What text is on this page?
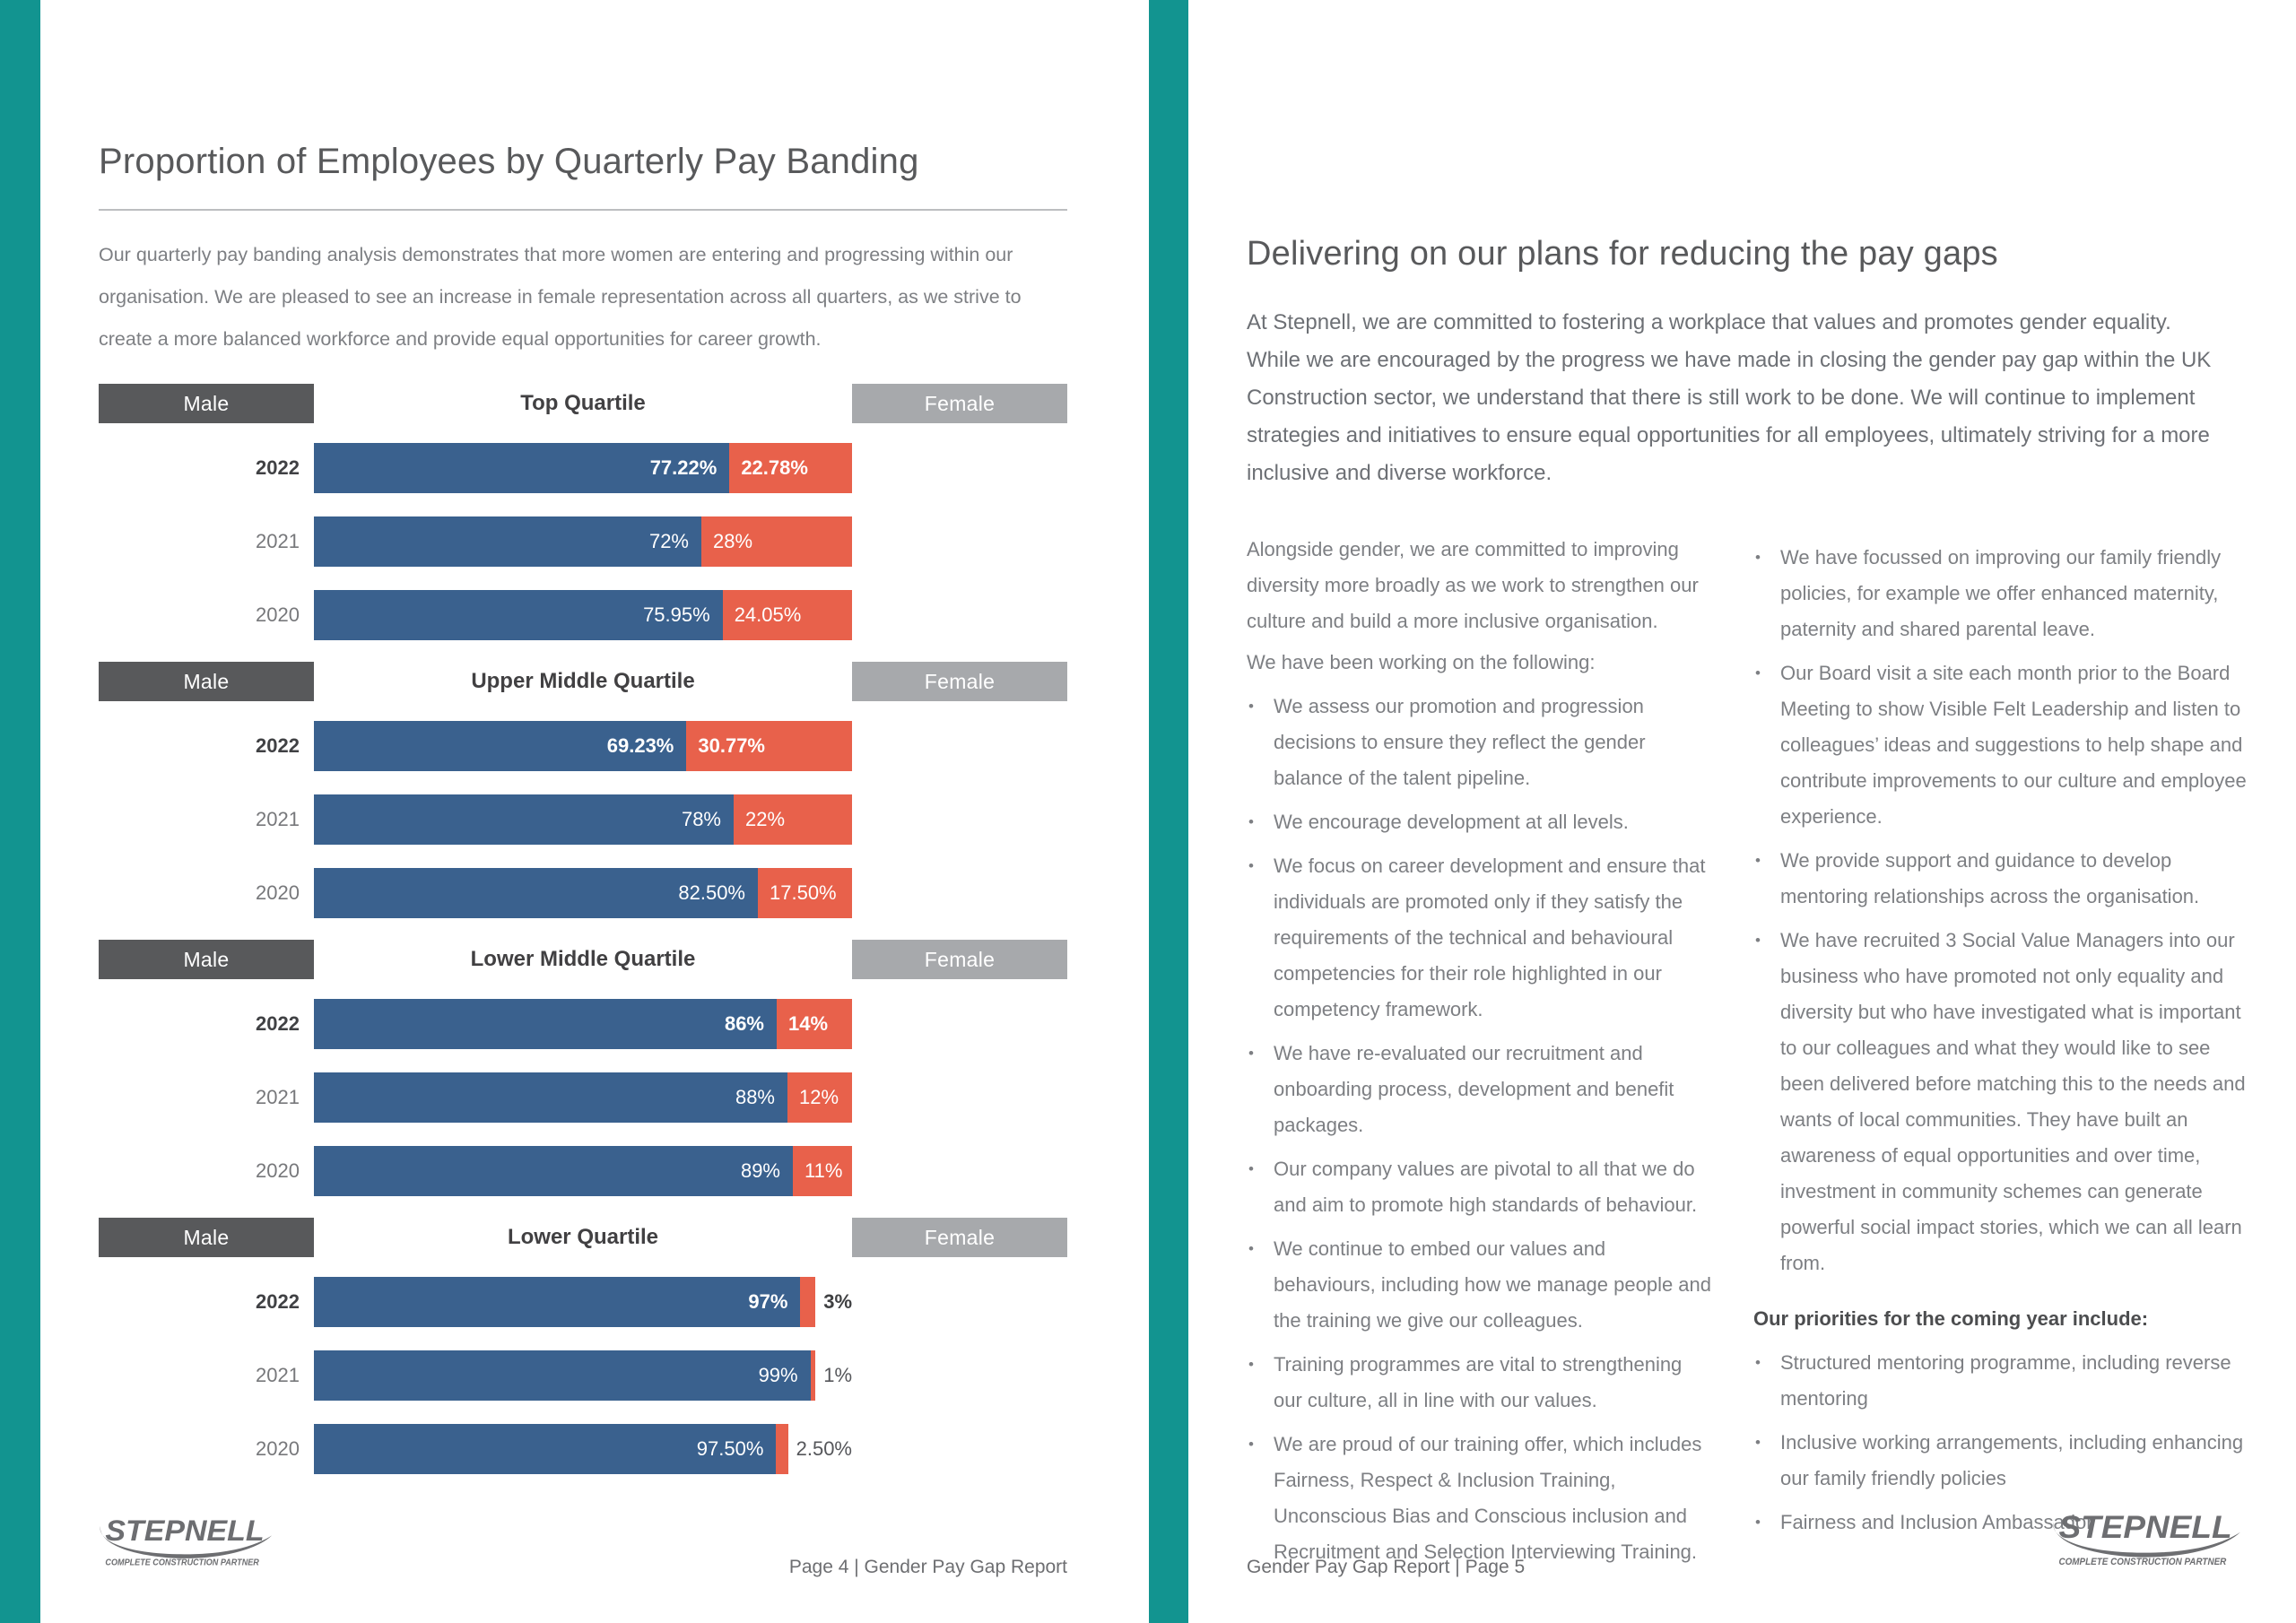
Proportion of Employees by Quarterly Pay Banding

Our quarterly pay banding analysis demonstrates that more women are entering and progressing within our organisation. We are pleased to see an increase in female representation across all quarters, as we strive to create a more balanced workforce and provide equal opportunities for career growth.

Male	Top Quartile	Female
2022	77.22%	22.78%
2021	72%	28%
2020	75.95%	24.05%
Male	Upper Middle Quartile	Female
2022	69.23%	30.77%
2021	78%	22%
2020	82.50%	17.50%
Male	Lower Middle Quartile	Female
2022	86%	14%
2021	88%	12%
2020	89%	11%
Male	Lower Quartile	Female
2022	97%	3%
2021	99%	1%
2020	97.50%	2.50%
Delivering on our plans for reducing the pay gaps

At Stepnell, we are committed to fostering a workplace that values and promotes gender equality. While we are encouraged by the progress we have made in closing the gender pay gap within the UK Construction sector, we understand that there is still work to be done. We will continue to implement strategies and initiatives to ensure equal opportunities for all employees, ultimately striving for a more inclusive and diverse workforce.

Alongside gender, we are committed to improving diversity more broadly as we work to strengthen our culture and build a more inclusive organisation.

We have been working on the following:

•	We assess our promotion and progression decisions to ensure they reflect the gender balance of the talent pipeline.
•	We encourage development at all levels.
•	We focus on career development and ensure that individuals are promoted only if they satisfy the requirements of the technical and behavioural competencies for their role highlighted in our competency framework.
•	We have re-evaluated our recruitment and onboarding process, development and benefit packages.
•	Our company values are pivotal to all that we do and aim to promote high standards of behaviour.
•	We continue to embed our values and behaviours, including how we manage people and the training we give our colleagues.
•	Training programmes are vital to strengthening our culture, all in line with our values.
•	We are proud of our training offer, which includes Fairness, Respect & Inclusion Training, Unconscious Bias and Conscious inclusion and Recruitment and Selection Interviewing Training.
•	We have focussed on improving our family friendly policies, for example we offer enhanced maternity, paternity and shared parental leave.
•	Our Board visit a site each month prior to the Board Meeting to show Visible Felt Leadership and listen to colleagues’ ideas and suggestions to help shape and contribute improvements to our culture and employee experience.
•	We provide support and guidance to develop mentoring relationships across the organisation.
•	We have recruited 3 Social Value Managers into our business who have promoted not only equality and diversity but who have investigated what is important to our colleagues and what they would like to see been delivered before matching this to the needs and wants of local communities. They have built an awareness of equal opportunities and over time, investment in community schemes can generate powerful social impact stories, which we can all learn from.

Our priorities for the coming year include:

•	Structured mentoring programme, including reverse mentoring
•	Inclusive working arrangements, including enhancing our family friendly policies
•	Fairness and Inclusion Ambassador
Page 4 | Gender Pay Gap Report	Gender Pay Gap Report | Page 5
STEPNELL
COMPLETE CONSTRUCTION PARTNER
STEPNELL
COMPLETE CONSTRUCTION PARTNER
